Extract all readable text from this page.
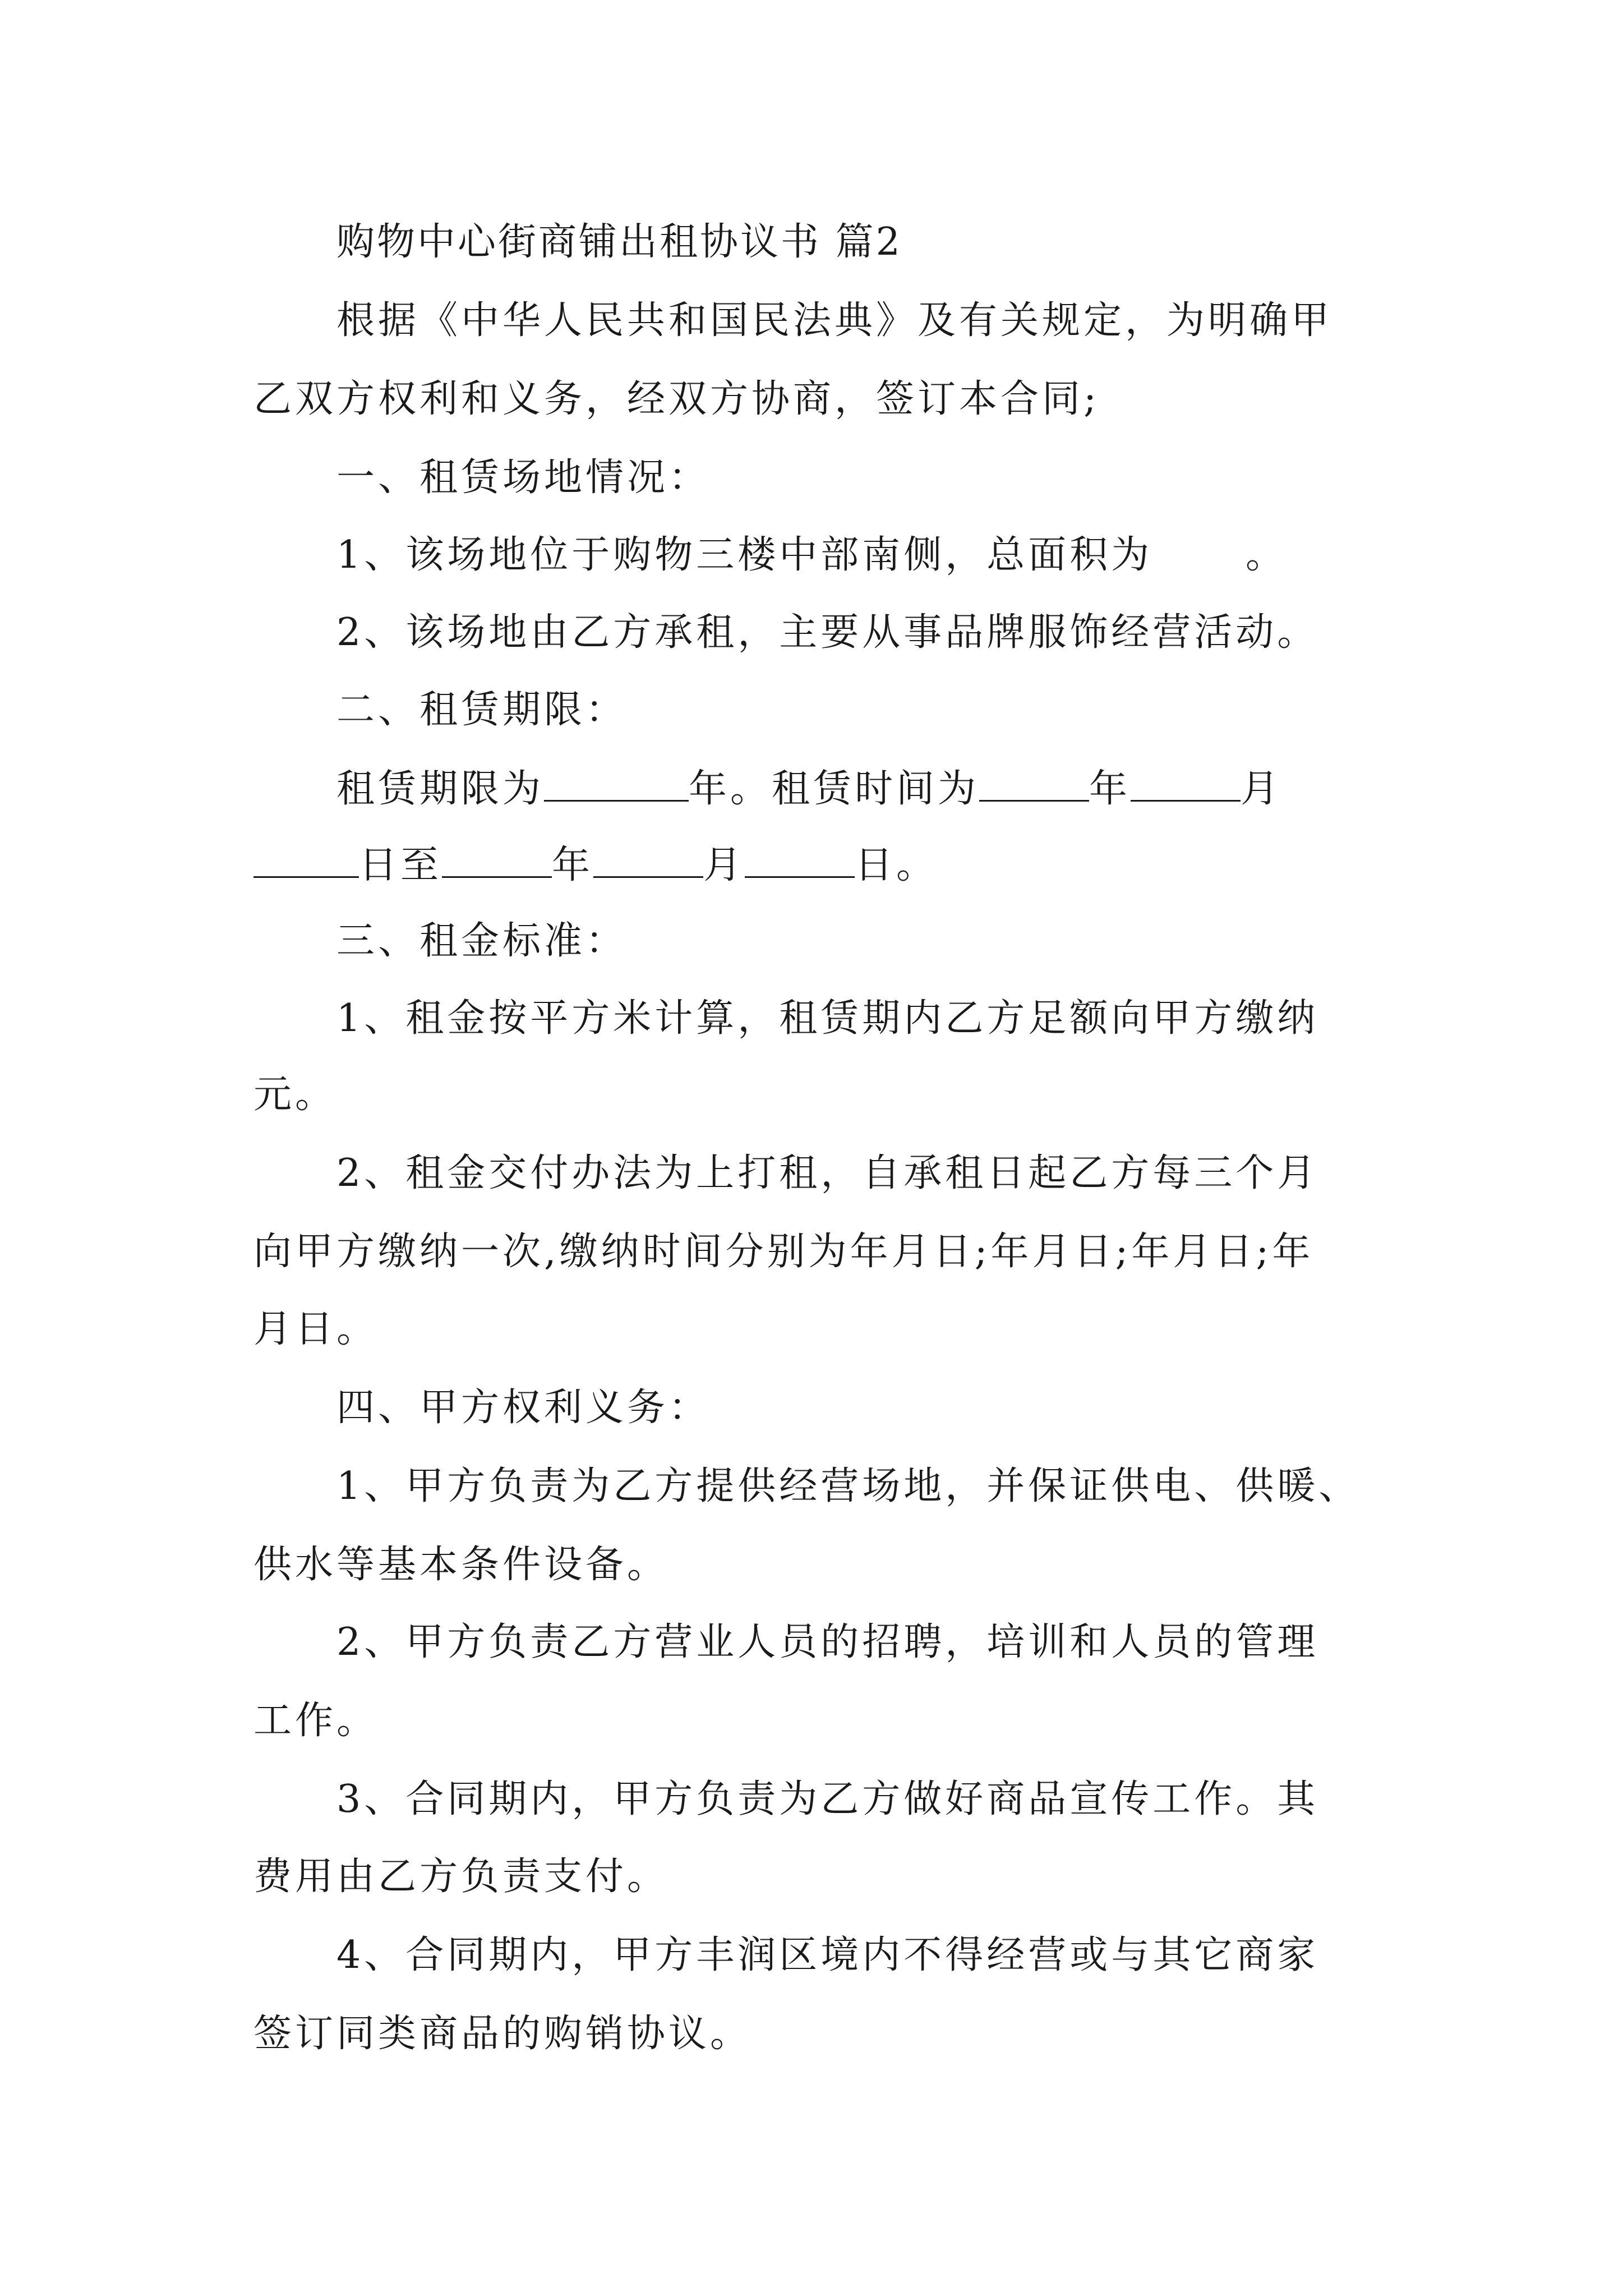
购物中心街商铺出租协议书 篇2
根据《中华人民共和国民法典》及有关规定，为明确甲
乙双方权利和义务，经双方协商，签订本合同;
一、租赁场地情况：
1、该场地位于购物三楼中部南侧，总面积为      。
2、该场地由乙方承租，主要从事品牌服饰经营活动。
二、租赁期限：
租赁期限为	年。租赁时间为	年	月
日至	年	月	日。
三、租金标准：
1、租金按平方米计算，租赁期内乙方足额向甲方缴纳
元。
2、租金交付办法为上打租，自承租日起乙方每三个月
向甲方缴纳一次,缴纳时间分别为年月日;年月日;年月日;年
月日。
四、甲方权利义务：
1、甲方负责为乙方提供经营场地，并保证供电、供暖、
供水等基本条件设备。
2、甲方负责乙方营业人员的招聘，培训和人员的管理
工作。
3、合同期内，甲方负责为乙方做好商品宣传工作。其
费用由乙方负责支付。
4、合同期内，甲方丰润区境内不得经营或与其它商家
签订同类商品的购销协议。
